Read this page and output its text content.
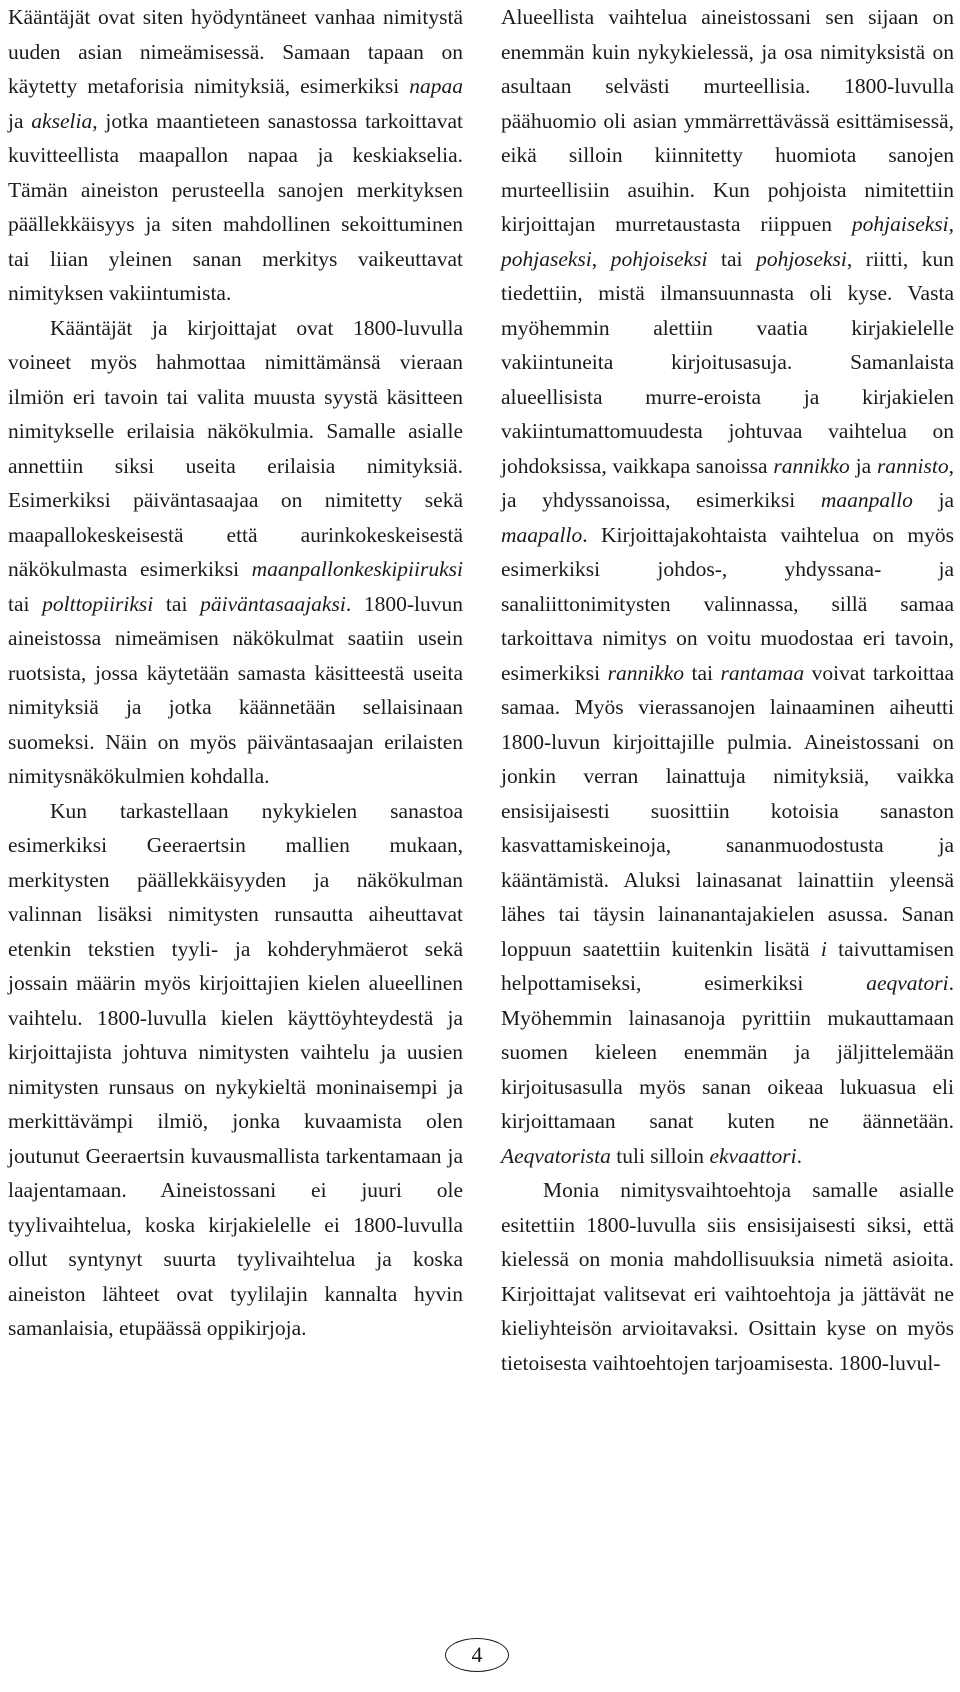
Kääntäjät ovat siten hyödyntäneet vanhaa nimitystä uuden asian nimeämisessä. Samaan tapaan on käytetty metaforisia nimityksiä, esimerkiksi napaa ja akselia, jotka maantieteen sanastossa tarkoittavat kuvitteellista maapallon napaa ja keskiakselia. Tämän aineiston perusteella sanojen merkityksen päällekkäisyys ja siten mahdollinen sekoittuminen tai liian yleinen sanan merkitys vaikeuttavat nimityksen vakiintumista.

Kääntäjät ja kirjoittajat ovat 1800-luvulla voineet myös hahmottaa nimittämänsä vieraan ilmiön eri tavoin tai valita muusta syystä käsitteen nimitykselle erilaisia näkökulmia. Samalle asialle annettiin siksi useita erilaisia nimityksiä. Esimerkiksi päiväntasaajaa on nimitetty sekä maapallokeskeisestä että aurinkokeskeisestä näkökulmasta esimerkiksi maanpallonkeskipiiruksi tai polttopiiriksi tai päiväntasaajaksi. 1800-luvun aineistossa nimeämisen näkökulmat saatiin usein ruotsista, jossa käytetään samasta käsitteestä useita nimityksiä ja jotka käännetään sellaisinaan suomeksi. Näin on myös päiväntasaajan erilaisten nimitysnäkökulmien kohdalla.

Kun tarkastellaan nykykielen sanastoa esimerkiksi Geeraertsin mallien mukaan, merkitysten päällekkäisyyden ja näkökulman valinnan lisäksi nimitysten runsautta aiheuttavat etenkin tekstien tyyli- ja kohderyhmäerot sekä jossain määrin myös kirjoittajien kielen alueellinen vaihtelu. 1800-luvulla kielen käyttöyhteydestä ja kirjoittajista johtuva nimitysten vaihtelu ja uusien nimitysten runsaus on nykykieltä moninaisempi ja merkittävämpi ilmiö, jonka kuvaamista olen joutunut Geeraertsin kuvausmallista tarkentamaan ja laajentamaan. Aineistossani ei juuri ole tyylivaihtelua, koska kirjakielelle ei 1800-luvulla ollut syntynyt suurta tyylivaihtelua ja koska aineiston lähteet ovat tyylilajin kannalta hyvin samanlaisia, etupäässä oppikirjoja.

Alueellista vaihtelua aineistossani sen sijaan on enemmän kuin nykykielessä, ja osa nimityksistä on asultaan selvästi murteellisia. 1800-luvulla päähuomio oli asian ymmärrettävässä esittämisessä, eikä silloin kiinnitetty huomiota sanojen murteellisiin asuihin. Kun pohjoista nimitettiin kirjoittajan murretaustasta riippuen pohjaiseksi, pohjaseksi, pohjoiseksi tai pohjoseksi, riitti, kun tiedettiin, mistä ilmansuunnasta oli kyse. Vasta myöhemmin alettiin vaatia kirjakielelle vakiintuneita kirjoitusasuja. Samanlaista alueellisista murre-eroista ja kirjakielen vakiintumattomuudesta johtuvaa vaihtelua on johdoksissa, vaikkapa sanoissa rannikko ja rannisto, ja yhdyssanoissa, esimerkiksi maanpallo ja maapallo. Kirjoittajakohtaista vaihtelua on myös esimerkiksi johdos-, yhdyssana- ja sanaliittonimitysten valinnassa, sillä samaa tarkoittava nimitys on voitu muodostaa eri tavoin, esimerkiksi rannikko tai rantamaa voivat tarkoittaa samaa. Myös vierassanojen lainaaminen aiheutti 1800-luvun kirjoittajille pulmia. Aineistossani on jonkin verran lainattuja nimityksiä, vaikka ensisijaisesti suosittiin kotoisia sanaston kasvattamiskeinoja, sananmuodostusta ja kääntämistä. Aluksi lainasanat lainattiin yleensä lähes tai täysin lainanantajakielen asussa. Sanan loppuun saatettiin kuitenkin lisätä i taivuttamisen helpottamiseksi, esimerkiksi aeqvatori. Myöhemmin lainasanoja pyrittiin mukauttamaan suomen kieleen enemmän ja jäljittelemään kirjoitusasulla myös sanan oikeaa lukuasua eli kirjoittamaan sanat kuten ne äännetään. Aeqvatorista tuli silloin ekvaattori.

Monia nimitysvaihtoehtoja samalle asialle esitettiin 1800-luvulla siis ensisijaisesti siksi, että kielessä on monia mahdollisuuksia nimetä asioita. Kirjoittajat valitsevat eri vaihtoehtoja ja jättävät ne kieliyhteisön arvioitavaksi. Osittain kyse on myös tietoisesta vaihtoehtojen tarjoamisesta. 1800-luvul-

4
